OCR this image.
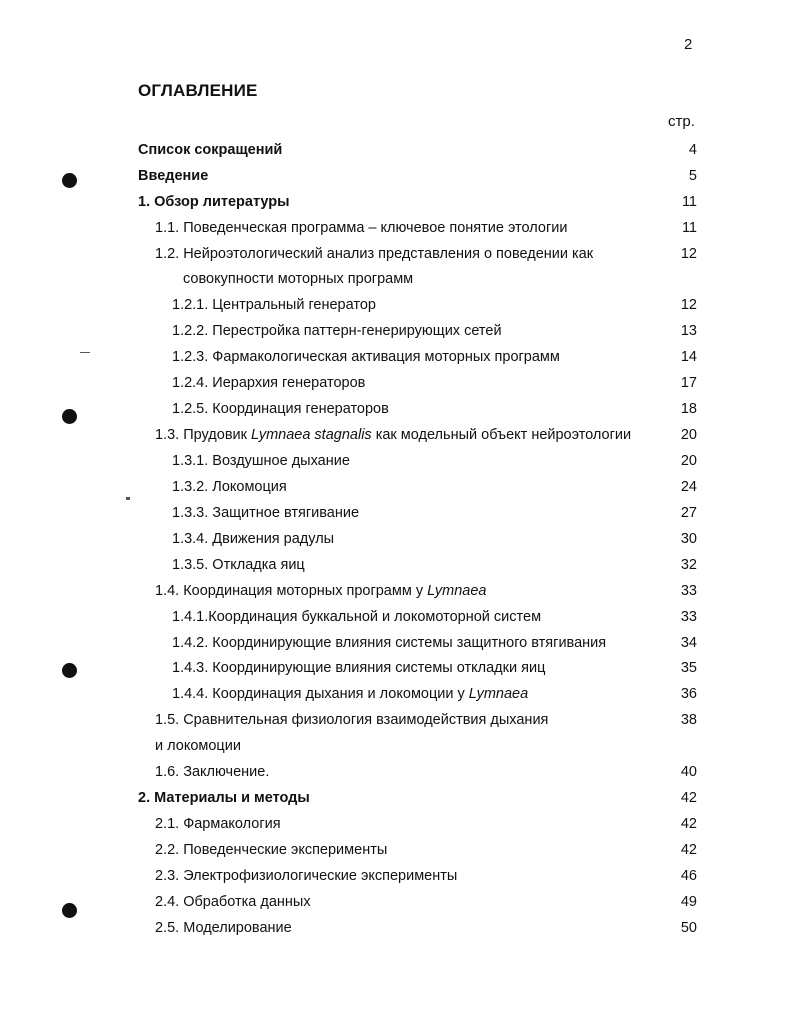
2
ОГЛАВЛЕНИЕ
стр.
Список сокращений	4
Введение	5
1. Обзор литературы	11
1.1. Поведенческая программа – ключевое понятие этологии	11
1.2. Нейроэтологический анализ представления о поведении как	12
совокупности моторных программ
1.2.1. Центральный генератор	12
1.2.2. Перестройка паттерн-генерирующих сетей	13
1.2.3. Фармакологическая активация моторных программ	14
1.2.4. Иерархия генераторов	17
1.2.5. Координация генераторов	18
1.3. Прудовик Lymnaea stagnalis как модельный объект нейроэтологии	20
1.3.1. Воздушное дыхание	20
1.3.2. Локомоция	24
1.3.3. Защитное втягивание	27
1.3.4. Движения радулы	30
1.3.5. Откладка яиц	32
1.4. Координация моторных программ у Lymnaea	33
1.4.1.Координация буккальной и локомоторной систем	33
1.4.2. Координирующие влияния системы защитного втягивания	34
1.4.3. Координирующие влияния системы откладки яиц	35
1.4.4. Координация дыхания и локомоции у Lymnaea	36
1.5. Сравнительная физиология взаимодействия дыхания	38
и локомоции
1.6. Заключение.	40
2. Материалы и методы	42
2.1. Фармакология	42
2.2. Поведенческие эксперименты	42
2.3. Электрофизиологические эксперименты	46
2.4. Обработка данных	49
2.5. Моделирование	50
